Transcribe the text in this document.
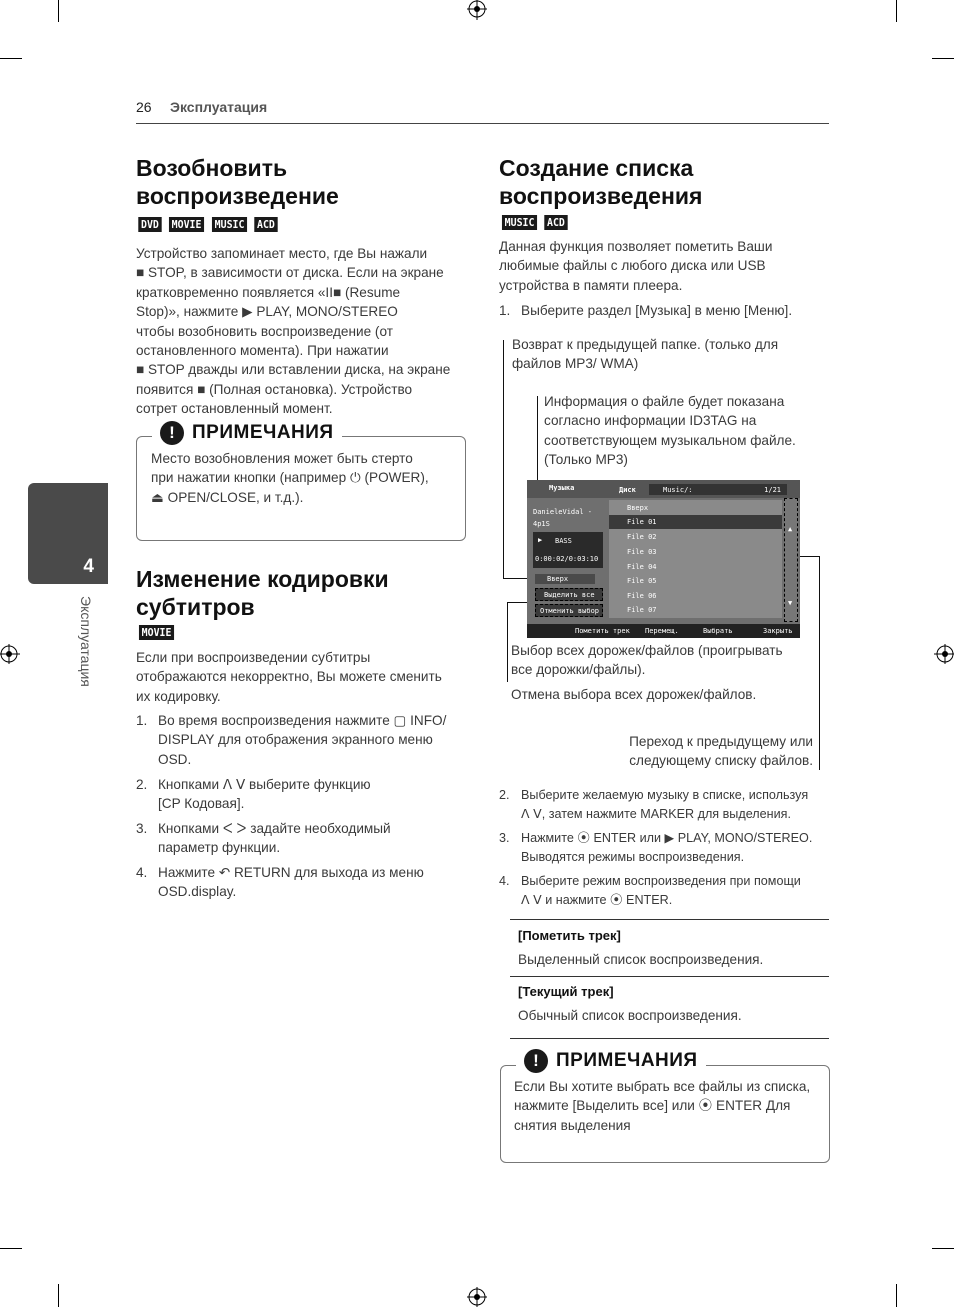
26 Эксплуатация
4
Эксплуатация
Возобновить
воспроизведение
DVD MOVIE MUSIC ACD
Устройство запоминает место, где Вы нажали
■ STOP, в зависимости от диска. Если на экране
кратковременно появляется «II■ (Resume
Stop)», нажмите ▶ PLAY, MONO/STEREO
чтобы возобновить воспроизведение (от
остановленного момента). При нажатии
■ STOP дважды или вставлении диска, на экране
появится ■ (Полная остановка). Устройство
сотрет остановленный момент.
! ПРИМЕЧАНИЯ
Место возобновления может быть стерто
при нажатии кнопки (например ⏻ (POWER),
⏏ OPEN/CLOSE, и т.д.).
Изменение кодировки
субтитров
MOVIE
Если при воспроизведении субтитры
отображаются некорректно, Вы можете сменить
их кодировку.
1. Во время воспроизведения нажмите ▢ INFO/
DISPLAY для отображения экранного меню
OSD.
2. Кнопками ᐱ ᐯ выберите функцию
[CP Кодовая].
3. Кнопками ᐸ ᐳ задайте необходимый
параметр функции.
4. Нажмите ↶ RETURN для выхода из меню
OSD.display.
Создание списка
воспроизведения
MUSIC ACD
Данная функция позволяет пометить Ваши
любимые файлы с любого диска или USB
устройства в памяти плеера.
1. Выберите раздел [Музыка] в меню [Меню].
Возврат к предыдущей папке. (только для
файлов MP3/ WMA)
Информация о файле будет показана
согласно информации ID3TAG на
соответствующем музыкальном файле.
(Только MP3)
Музыка	Диск	Music/:	1/21
DanieleVidal -
4p1S
▶ BASS
0:00:02/0:03:10
Вверх
Выделить все
Отменить выбор
Вверх
File 01
File 02
File 03
File 04
File 05
File 06
File 07
▲
▼
Пометить трек Перемещ.	Выбрать	Закрыть
Выбор всех дорожек/файлов (проигрывать
все дорожки/файлы).
Отмена выбора всех дорожек/файлов.
Переход к предыдущему или
следующему списку файлов.
2. Выберите желаемую музыку в списке, используя
ᐱ ᐯ, затем нажмите MARKER для выделения.
3. Нажмите ⦿ ENTER или ▶ PLAY, MONO/STEREO.
Выводятся режимы воспроизведения.
4. Выберите режим воспроизведения при помощи
ᐱ ᐯ и нажмите ⦿ ENTER.
[Пометить трек]
Выделенный список воспроизведения.
[Текущий трек]
Обычный список воспроизведения.
! ПРИМЕЧАНИЯ
Если Вы хотите выбрать все файлы из списка,
нажмите [Выделить все] или ⦿ ENTER Для
снятия выделения
